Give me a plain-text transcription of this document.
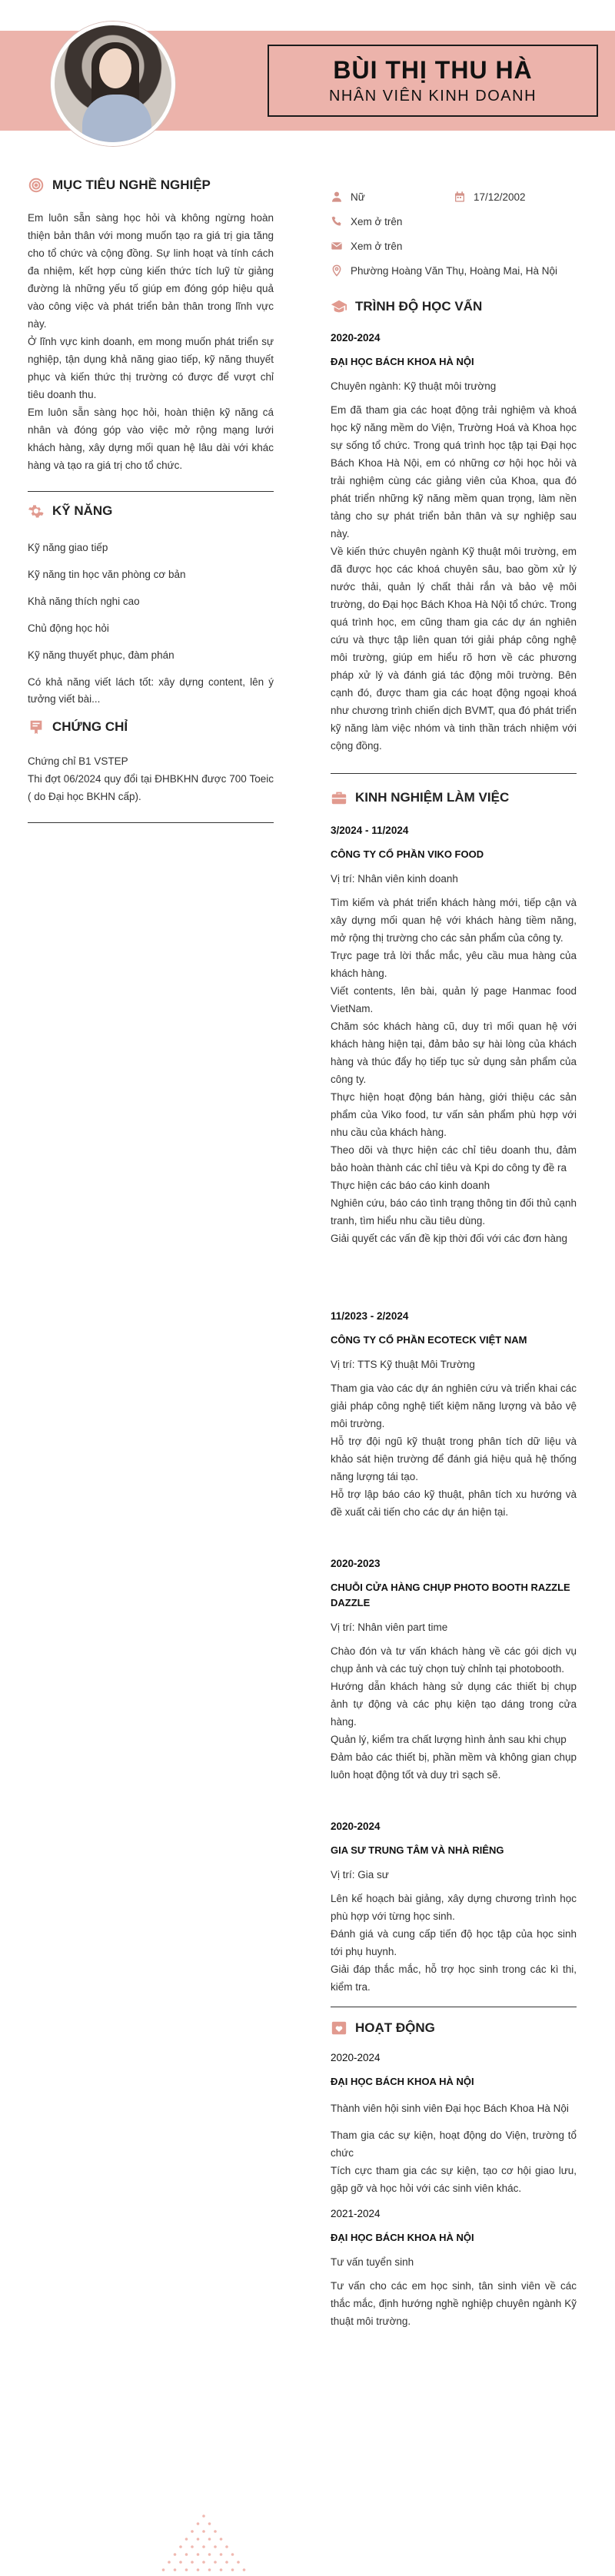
BÙI THỊ THU HÀ
NHÂN VIÊN KINH DOANH
MỤC TIÊU NGHỀ NGHIỆP

Em luôn sẵn sàng học hỏi và không ngừng hoàn thiện bản thân với mong muốn tạo ra giá trị gia tăng cho tổ chức và cộng đồng. Sự linh hoạt và tính cách đa nhiệm, kết hợp cùng kiến thức tích luỹ từ giảng đường là những yếu tố giúp em đóng góp hiệu quả vào công việc và phát triển bản thân trong lĩnh vực này.

Ở lĩnh vực kinh doanh, em mong muốn phát triển sự nghiệp, tận dụng khả năng giao tiếp, kỹ năng thuyết phục và kiến thức thị trường có được để vượt chỉ tiêu doanh thu.

Em luôn sẵn sàng học hỏi, hoàn thiện kỹ năng cá nhân và đóng góp vào việc mở rộng mạng lưới khách hàng, xây dựng mối quan hệ lâu dài với khác hàng và tạo ra giá trị cho tổ chức.

KỸ NĂNG
Kỹ năng giao tiếp
Kỹ năng tin học văn phòng cơ bản
Khả năng thích nghi cao
Chủ động học hỏi
Kỹ năng thuyết phục, đàm phán
Có khả năng viết lách tốt: xây dựng content, lên ý tưởng viết bài...
CHỨNG CHỈ

Chứng chỉ B1 VSTEP

Thi đợt 06/2024 quy đổi tại ĐHBKHN được 700 Toeic ( do Đại học BKHN cấp).

Nữ	17/12/2002
Xem ở trên
Xem ở trên
Phường Hoàng Văn Thụ, Hoàng Mai, Hà Nội
TRÌNH ĐỘ HỌC VẤN
2020-2024
ĐẠI HỌC BÁCH KHOA HÀ NỘI
Chuyên ngành: Kỹ thuật môi trường

Em đã tham gia các hoạt động trải nghiệm và khoá học kỹ năng mềm do Viện, Trường Hoá và Khoa học sự sống tổ chức. Trong quá trình học tập tại Đại học Bách Khoa Hà Nội, em có những cơ hội học hỏi và trải nghiệm cùng các giảng viên của Khoa, qua đó phát triển những kỹ năng mềm quan trọng, làm nền tảng cho sự phát triển bản thân và sự nghiệp sau này.

Về kiến thức chuyên ngành Kỹ thuật môi trường, em đã được học các khoá chuyên sâu, bao gồm xử lý nước thải, quản lý chất thải rắn và bảo vệ môi trường, do Đại học Bách Khoa Hà Nội tổ chức. Trong quá trình học, em cũng tham gia các dự án nghiên cứu và thực tập liên quan tới giải pháp công nghệ môi trường, giúp em hiểu rõ hơn về các phương pháp xử lý và đánh giá tác động môi trường. Bên cạnh đó, được tham gia các hoạt động ngoại khoá như chương trình chiến dịch BVMT, qua đó phát triển kỹ năng làm việc nhóm và tinh thần trách nhiệm với cộng đồng.

KINH NGHIỆM LÀM VIỆC
3/2024 - 11/2024
CÔNG TY CỔ PHẦN VIKO FOOD
Vị trí: Nhân viên kinh doanh

Tìm kiếm và phát triển khách hàng mới, tiếp cận và xây dựng mối quan hệ với khách hàng tiềm năng, mở rộng thị trường cho các sản phẩm của công ty.

Trực page trả lời thắc mắc, yêu cầu mua hàng của khách hàng.

Viết contents, lên bài, quản lý page Hanmac food VietNam.

Chăm sóc khách hàng cũ, duy trì mối quan hệ với khách hàng hiện tại, đảm bảo sự hài lòng của khách hàng và thúc đẩy họ tiếp tục sử dụng sản phẩm của công ty.

Thực hiện hoạt động bán hàng, giới thiệu các sản phẩm của Viko food, tư vấn sản phẩm phù hợp với nhu cầu của khách hàng.

Theo dõi và thực hiện các chỉ tiêu doanh thu, đảm bảo hoàn thành các chỉ tiêu và Kpi do công ty đề ra

Thực hiện các báo cáo kinh doanh

Nghiên cứu, báo cáo tình trạng thông tin đối thủ cạnh tranh, tìm hiểu nhu cầu tiêu dùng.

Giải quyết các vấn đề kịp thời đối với các đơn hàng

11/2023 - 2/2024
CÔNG TY CỔ PHẦN ECOTECK VIỆT NAM
Vị trí: TTS Kỹ thuật Môi Trường

Tham gia vào các dự án nghiên cứu và triển khai các giải pháp công nghệ tiết kiệm năng lượng và bảo vệ môi trường.

Hỗ trợ đội ngũ kỹ thuật trong phân tích dữ liệu và khảo sát hiện trường để đánh giá hiệu quả hệ thống năng lượng tái tạo.

Hỗ trợ lập báo cáo kỹ thuật, phân tích xu hướng và đề xuất cải tiến cho các dự án hiện tại.

2020-2023
CHUỖI CỬA HÀNG CHỤP PHOTO BOOTH RAZZLE DAZZLE
Vị trí: Nhân viên part time

Chào đón và tư vấn khách hàng về các gói dịch vụ chụp ảnh và các tuỳ chọn tuỳ chỉnh tại photobooth.

Hướng dẫn khách hàng sử dụng các thiết bị chụp ảnh tự động và các phụ kiện tạo dáng trong cửa hàng.

Quản lý, kiểm tra chất lượng hình ảnh sau khi chụp

Đảm bảo các thiết bị, phần mềm và không gian chụp luôn hoạt động tốt và duy trì sạch sẽ.

2020-2024
GIA SƯ TRUNG TÂM VÀ NHÀ RIÊNG
Vị trí: Gia sư

Lên kế hoạch bài giảng, xây dựng chương trình học phù hợp với từng học sinh.

Đánh giá và cung cấp tiến độ học tập của học sinh tới phụ huynh.

Giải đáp thắc mắc, hỗ trợ học sinh trong các kì thi, kiểm tra.

HOẠT ĐỘNG
2020-2024
ĐẠI HỌC BÁCH KHOA HÀ NỘI
Thành viên hội sinh viên Đại học Bách Khoa Hà Nội

Tham gia các sự kiện, hoạt động do Viện, trường tổ chức

Tích cực tham gia các sự kiện, tạo cơ hội giao lưu, gặp gỡ và học hỏi với các sinh viên khác.

2021-2024
ĐẠI HỌC BÁCH KHOA HÀ NỘI
Tư vấn tuyển sinh

Tư vấn cho các em học sinh, tân sinh viên về các thắc mắc, định hướng nghề nghiệp chuyên ngành Kỹ thuật môi trường.
